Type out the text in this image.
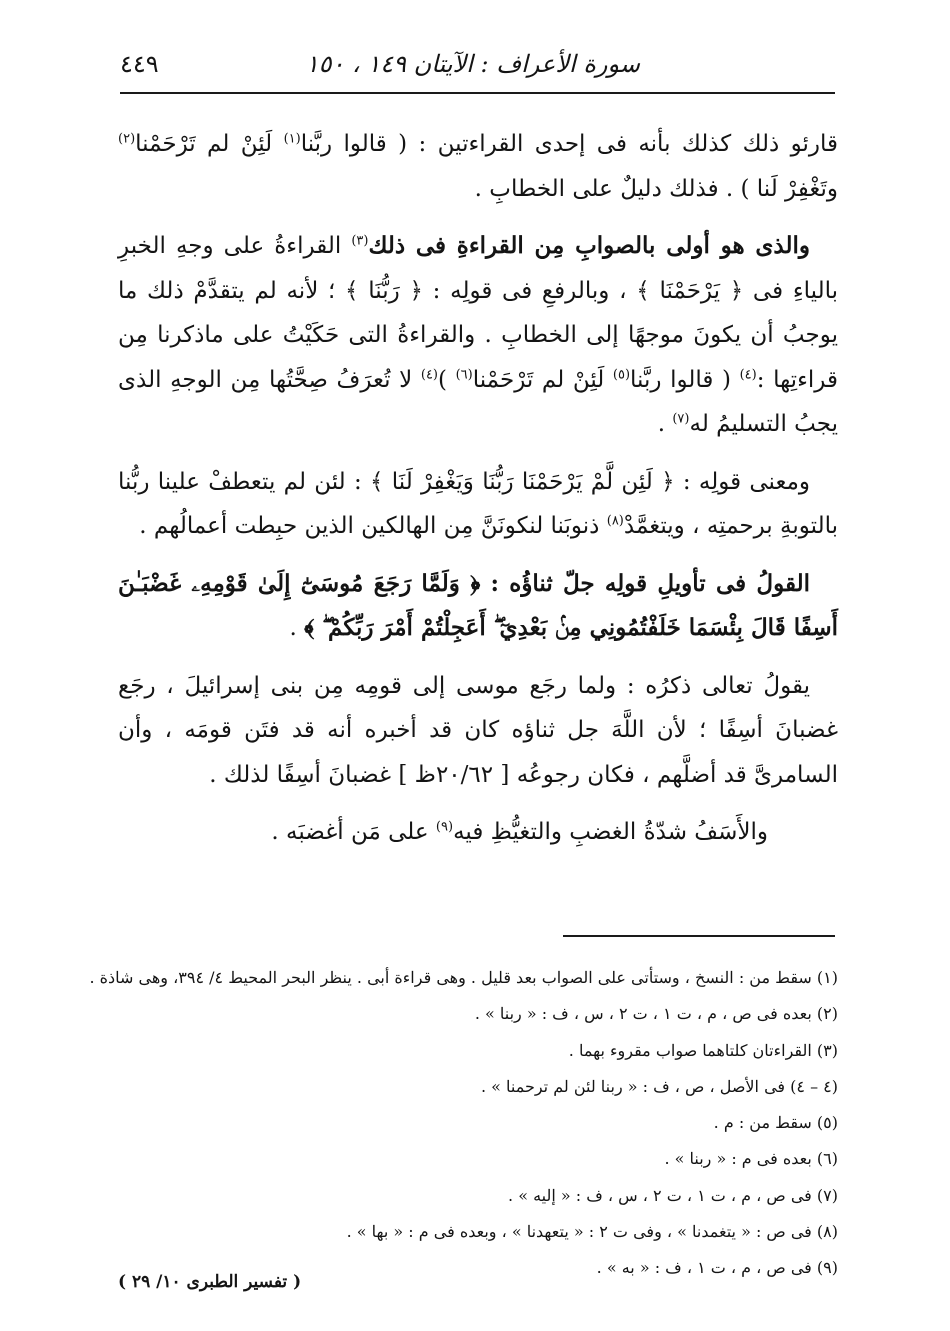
سورة الأعراف : الآيتان ١٤٩ ، ١٥٠
٤٤٩

قارئو ذلك كذلك بأنه فى إحدى القراءتين : ( قالوا ربَّنا$^{(١)}$ لَئِنْ لم تَرْحَمْنا$^{(٢)}$ وتَغْفِرْ لَنا ) . فذلك دليلٌ على الخطابِ .

والذى هو أولى بالصوابِ مِن القراءةِ فى ذلك$^{(٣)}$ القراءةُ على وجهِ الخبرِ بالياءِ فى ﴿ يَرْحَمْنَا ﴾ ، وبالرفعِ فى قولِه : ﴿ رَبُّنَا ﴾ ؛ لأنه لم يتقدَّمْ ذلك ما يوجبُ أن يكونَ موجهًا إلى الخطابِ . والقراءةُ التى حَكَيْتُ على ماذكرنا مِن قراءتِها :$^{(٤)}$ ( قالوا ربَّنا$^{(٥)}$ لَئِنْ لم تَرْحَمْنا$^{(٦)}$ )$^{(٤)}$ لا تُعرَفُ صِحَّتُها مِن الوجهِ الذى يجبُ التسليمُ له$^{(٧)}$ .

ومعنى قولِه : ﴿ لَئِن لَّمْ يَرْحَمْنَا رَبُّنَا وَيَغْفِرْ لَنَا ﴾ : لئن لم يتعطفْ علينا ربُّنا بالتوبةِ برحمتِه ، ويتغمَّدْ$^{(٨)}$ ذنوبَنا لنكونَنَّ مِن الهالكين الذين حبِطت أعمالُهم .

القولُ فى تأويلِ قولِه جلّ ثناؤُه : ﴿ وَلَمَّا رَجَعَ مُوسَىٰٓ إِلَىٰ قَوْمِهِۦ غَضْبَـٰنَ أَسِفًا قَالَ بِئْسَمَا خَلَفْتُمُونِي مِنۢ بَعْدِيٓ ۖ أَعَجِلْتُمْ أَمْرَ رَبِّكُمْ ۖ ﴾ .

يقولُ تعالى ذكرُه : ولما رجَع موسى إلى قومِه مِن بنى إسرائيلَ ، رجَع غضبانَ أسِفًا ؛ لأن اللَّهَ جل ثناؤه كان قد أخبره أنه قد فتَن قومَه ، وأن السامرىَّ قد أضلَّهم ، فكان رجوعُه [ ٢٠/٦٢ظ ] غضبانَ أسِفًا لذلك .

والأَسَفُ شدّةُ الغضبِ والتغيُّظِ فيه$^{(٩)}$ على مَن أغضبَه .

(١) سقط من : النسخ ، وستأتى على الصواب بعد قليل . وهى قراءة أبى . ينظر البحر المحيط ٤/ ٣٩٤، وهى شاذة .

(٢) بعده فى ص ، م ، ت ١ ، ت ٢ ، س ، ف : « ربنا » .

(٣) القراءتان كلتاهما صواب مقروء بهما .

(٤ – ٤) فى الأصل ، ص ، ف : « ربنا لئن لم ترحمنا » .

(٥) سقط من : م .

(٦) بعده فى م : « ربنا » .

(٧) فى ص ، م ، ت ١ ، ت ٢ ، س ، ف : « إليه » .

(٨) فى ص : « يتغمدنا » ، وفى ت ٢ : « يتعهدنا » ، وبعده فى م : « بها » .

(٩) فى ص ، م ، ت ١ ، ف : « به » .

( تفسير الطبرى ١٠/ ٢٩ )
